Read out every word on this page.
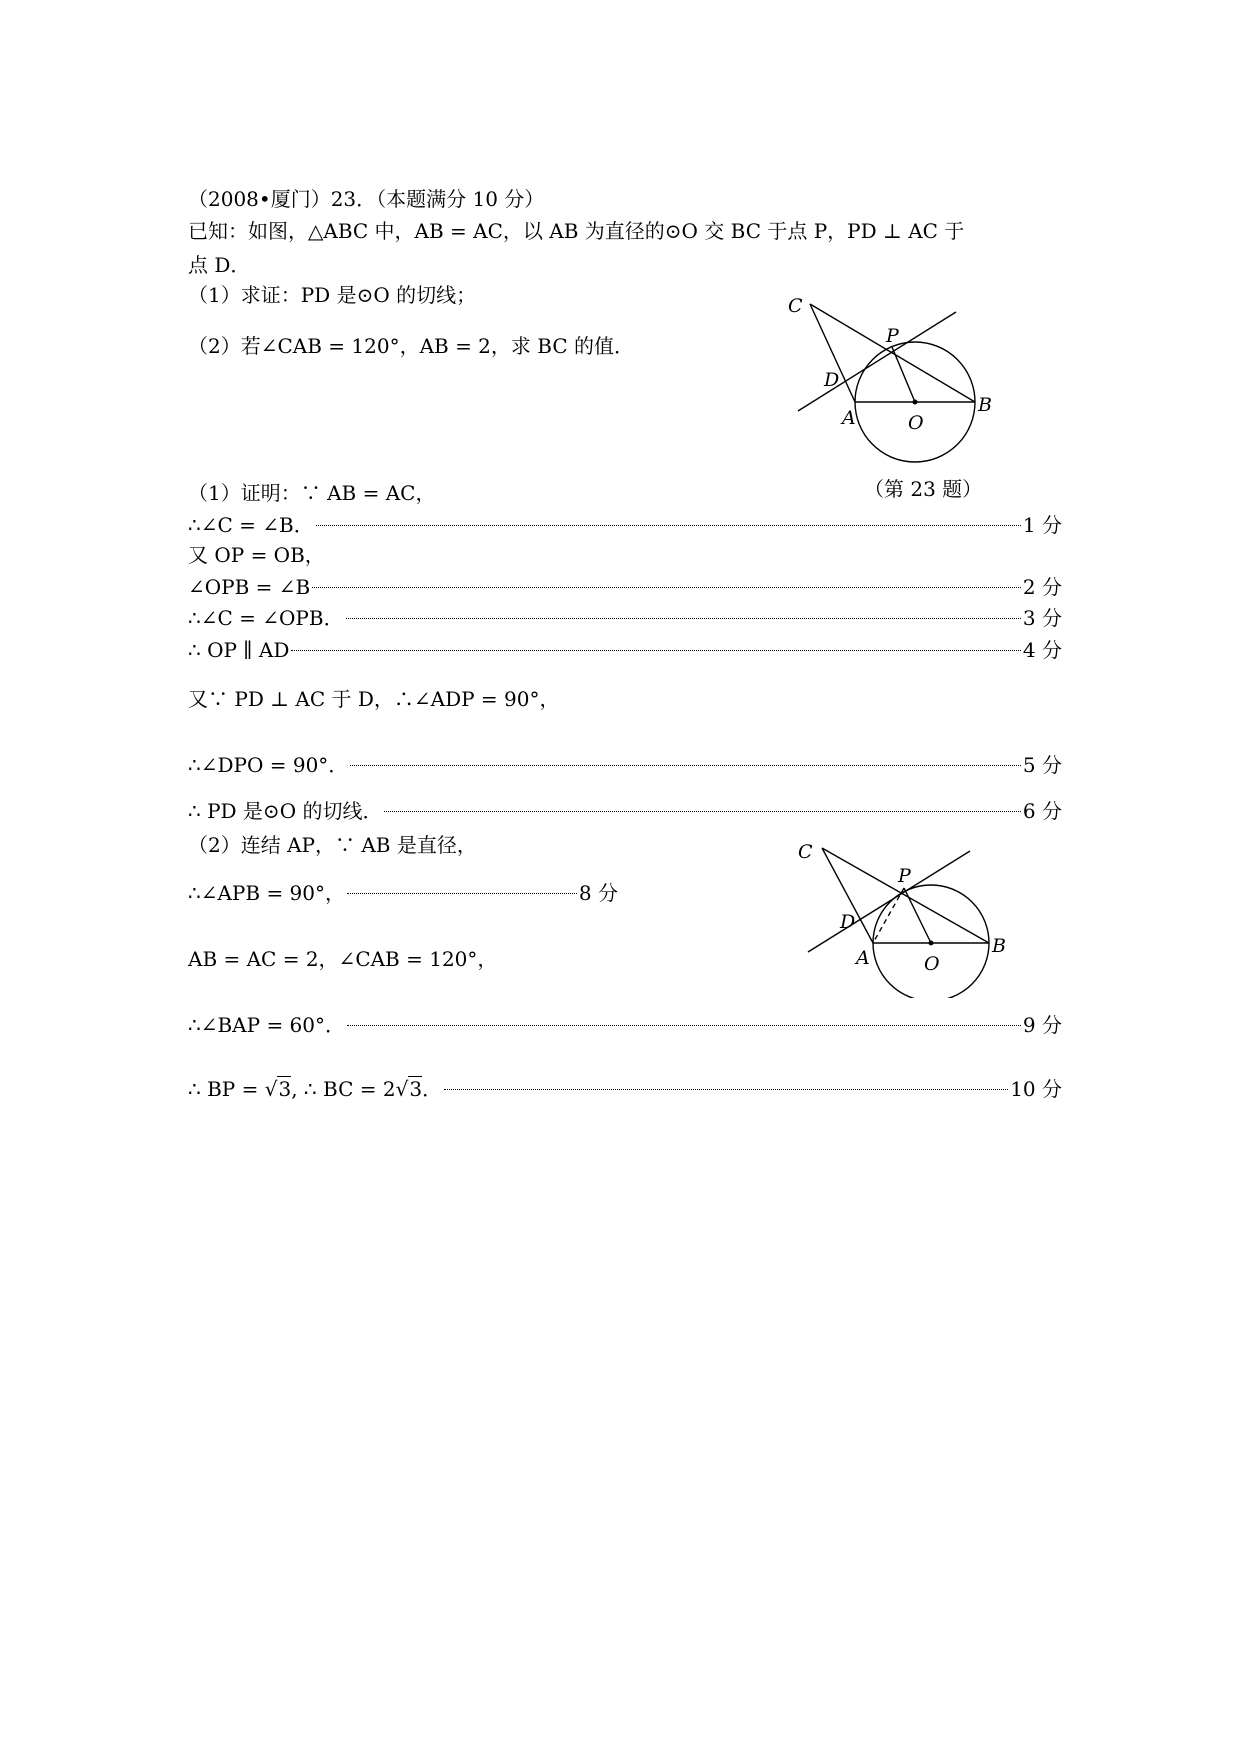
（2008•厦门）23．（本题满分 10 分）
已知：如图，△ABC 中，AB = AC，以 AB 为直径的⊙O 交 BC 于点 P，PD ⊥ AC 于
点 D．
（1）求证：PD 是⊙O 的切线；
（2）若∠CAB = 120°，AB = 2，求 BC 的值．
C
P
D
A	O
B
（第 23 题）
（1）证明：∵ AB = AC，
∴∠C = ∠B．	1 分
又 OP = OB，
∠OPB = ∠B	2 分
∴∠C = ∠OPB．	3 分
∴ OP ∥ AD	4 分
又∵ PD ⊥ AC 于 D，∴∠ADP = 90°，
∴∠DPO = 90°．	5 分
∴ PD 是⊙O 的切线．	6 分
（2）连结 AP，∵ AB 是直径，
∴∠APB = 90°，	8 分
AB = AC = 2，∠CAB = 120°，
∴∠BAP = 60°．	9 分
∴ BP = √3, ∴ BC = 2√3．	10 分
C
P
D
A	O
B
